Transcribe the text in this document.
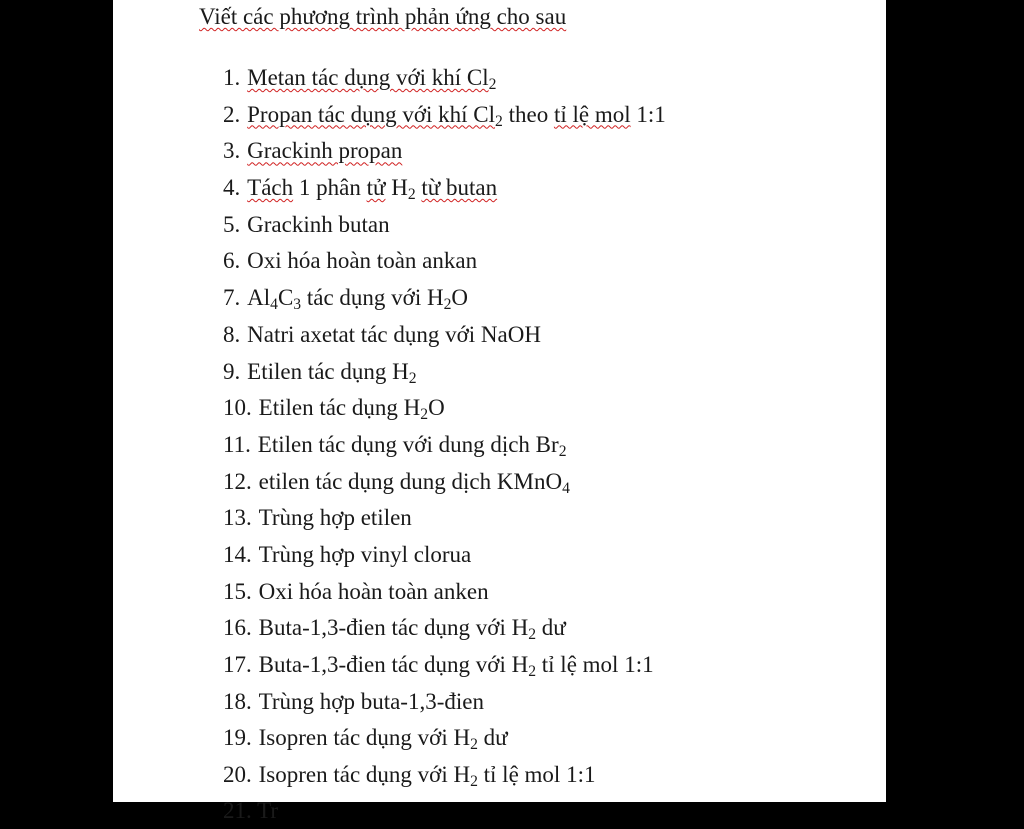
Viết các phương trình phản ứng cho sau
1. Metan tác dụng với khí $Cl_2$
2. Propan tác dụng với khí $Cl_2$ theo tỉ lệ mol 1:1
3. Grackinh propan
4. Tách 1 phân tử $H_2$ từ butan
5. Grackinh butan
6. Oxi hóa hoàn toàn ankan
7. $Al_4C_3$ tác dụng với $H_2O$
8. Natri axetat tác dụng với NaOH
9. Etilen tác dụng $H_2$
10. Etilen tác dụng $H_2O$
11. Etilen tác dụng với dung dịch $Br_2$
12. etilen tác dụng dung dịch KMnO$_4$
13. Trùng hợp etilen
14. Trùng hợp vinyl clorua
15. Oxi hóa hoàn toàn anken
16. Buta-1,3-đien tác dụng với $H_2$ dư
17. Buta-1,3-đien tác dụng với $H_2$ tỉ lệ mol 1:1
18. Trùng hợp buta-1,3-đien
19. Isopren tác dụng với $H_2$ dư
20. Isopren tác dụng với $H_2$ tỉ lệ mol 1:1
21. Tr
